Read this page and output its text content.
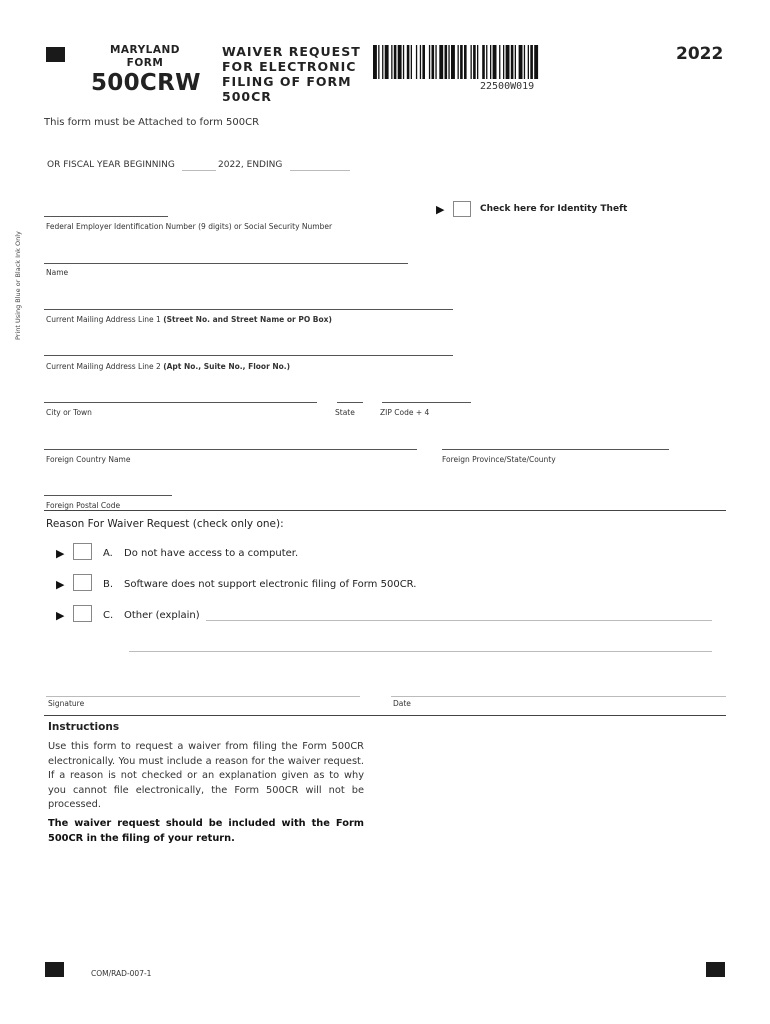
MARYLAND
FORM
500CRW
WAIVER REQUEST
FOR ELECTRONIC
FILING OF FORM
500CR
22500W019
2022
This form must be Attached to form 500CR
OR FISCAL YEAR BEGINNING	2022, ENDING
▶	Check here for Identity Theft
Print Using Blue or Black Ink Only
Federal Employer Identification Number (9 digits) or Social Security Number
Name
Current Mailing Address Line 1 (Street No. and Street Name or PO Box)
Current Mailing Address Line 2 (Apt No., Suite No., Floor No.)
City or Town	State	ZIP Code + 4
Foreign Country Name	Foreign Province/State/County
Foreign Postal Code
Reason For Waiver Request (check only one):
▶	A. Do not have access to a computer.
▶	B. Software does not support electronic filing of Form 500CR.
▶	C. Other (explain)
Signature	Date
Instructions
Use this form to request a waiver from filing the Form 500CR electronically. You must include a reason for the waiver request. If a reason is not checked or an explanation given as to why you cannot file electronically, the Form 500CR will not be processed.
The waiver request should be included with the Form 500CR in the filing of your return.
COM/RAD-007-1
